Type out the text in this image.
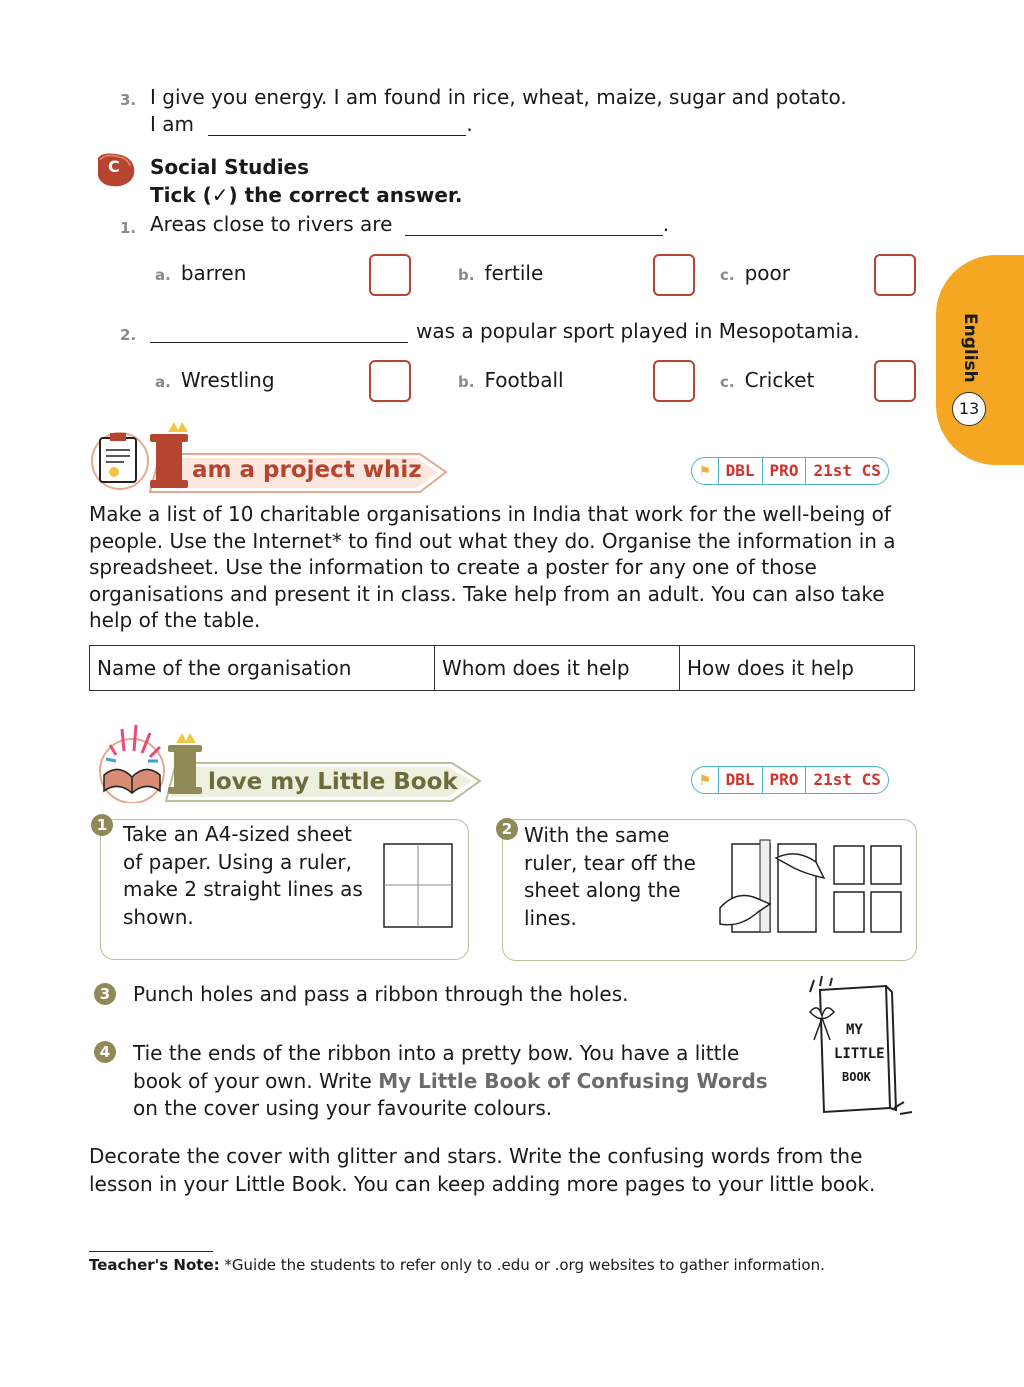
3. I give you energy. I am found in rice, wheat, maize, sugar and potato.
I am	.
C Social Studies
Tick (✓) the correct answer.
1. Areas close to rivers are	.
a. barren	b. fertile	c. poor
2.	was a popular sport played in Mesopotamia.
a. Wrestling	b. Football	c. Cricket	English
13
am a project whiz	⚑	DBL PRO 21st CS
Make a list of 10 charitable organisations in India that work for the well-being of people. Use the Internet* to find out what they do. Organise the information in a spreadsheet. Use the information to create a poster for any one of those organisations and present it in class. Take help from an adult. You can also take help of the table.
Name of the organisation	Whom does it help	How does it help
love my Little Book	⚑	DBL PRO 21st CS
1 Take an A4-sized sheet of paper. Using a ruler, make 2 straight lines as shown.
2 With the same ruler, tear off the sheet along the lines.
3 Punch holes and pass a ribbon through the holes.
4 Tie the ends of the ribbon into a pretty bow. You have a little book of your own. Write My Little Book of Confusing Words
on the cover using your favourite colours.
MY
LITTLE
BOOK
Decorate the cover with glitter and stars. Write the confusing words from the lesson in your Little Book. You can keep adding more pages to your little book.
Teacher's Note: *Guide the students to refer only to .edu or .org websites to gather information.
